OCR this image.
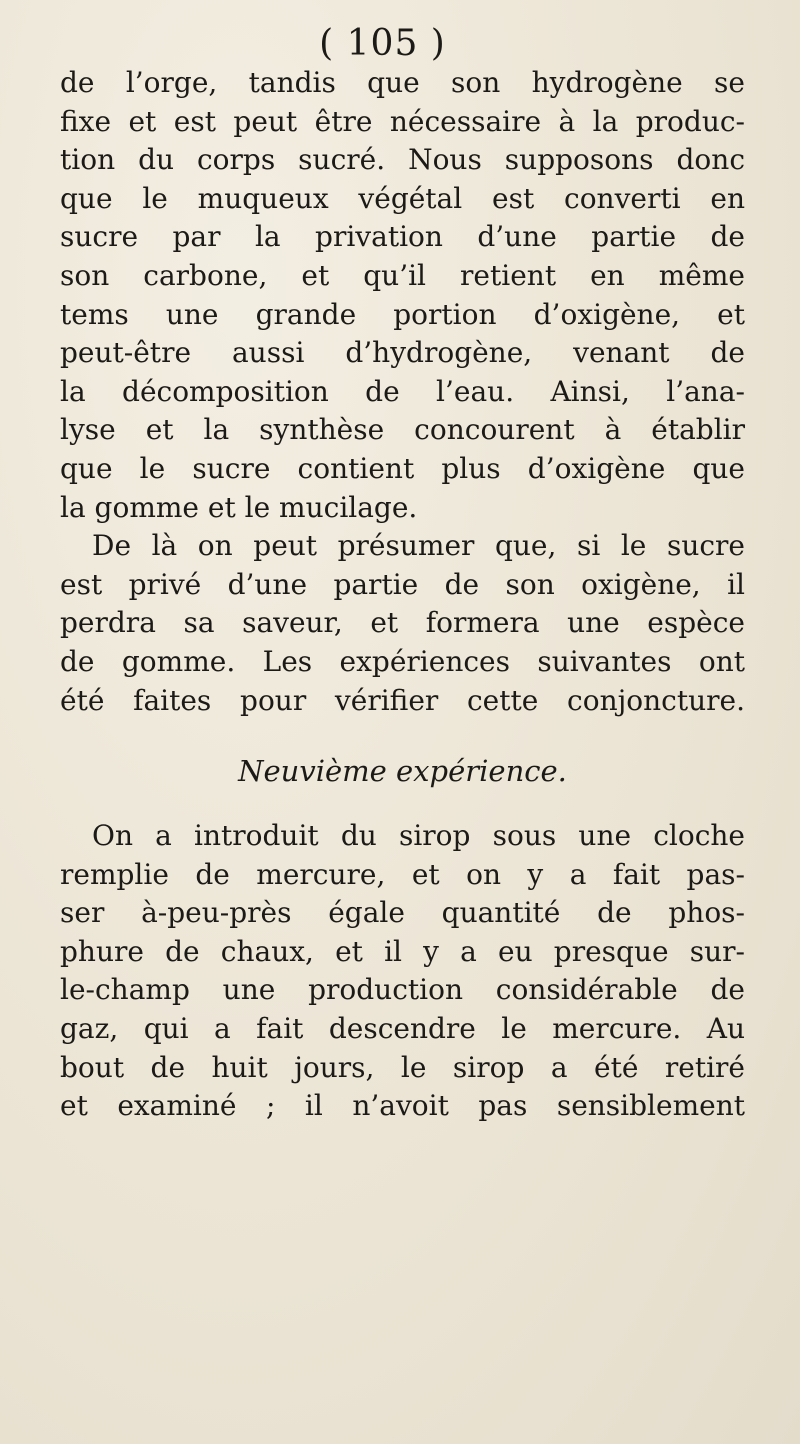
( 105 )
de l’orge, tandis que son hydrogène se
fixe et est peut être nécessaire à la produc-
tion du corps sucré. Nous supposons donc
que le muqueux végétal est converti en
sucre par la privation d’une partie de
son carbone, et qu’il retient en même
tems une grande portion d’oxigène, et
peut-être aussi d’hydrogène, venant de
la décomposition de l’eau. Ainsi, l’ana-
lyse et la synthèse concourent à établir
que le sucre contient plus d’oxigène que
la gomme et le mucilage.
De là on peut présumer que, si le sucre
est privé d’une partie de son oxigène, il
perdra sa saveur, et formera une espèce
de gomme. Les expériences suivantes ont
été faites pour vérifier cette conjoncture.
Neuvième expérience.
On a introduit du sirop sous une cloche
remplie de mercure, et on y a fait pas-
ser à-peu-près égale quantité de phos-
phure de chaux, et il y a eu presque sur-
le-champ une production considérable de
gaz, qui a fait descendre le mercure. Au
bout de huit jours, le sirop a été retiré
et examiné ; il n’avoit pas sensiblement
